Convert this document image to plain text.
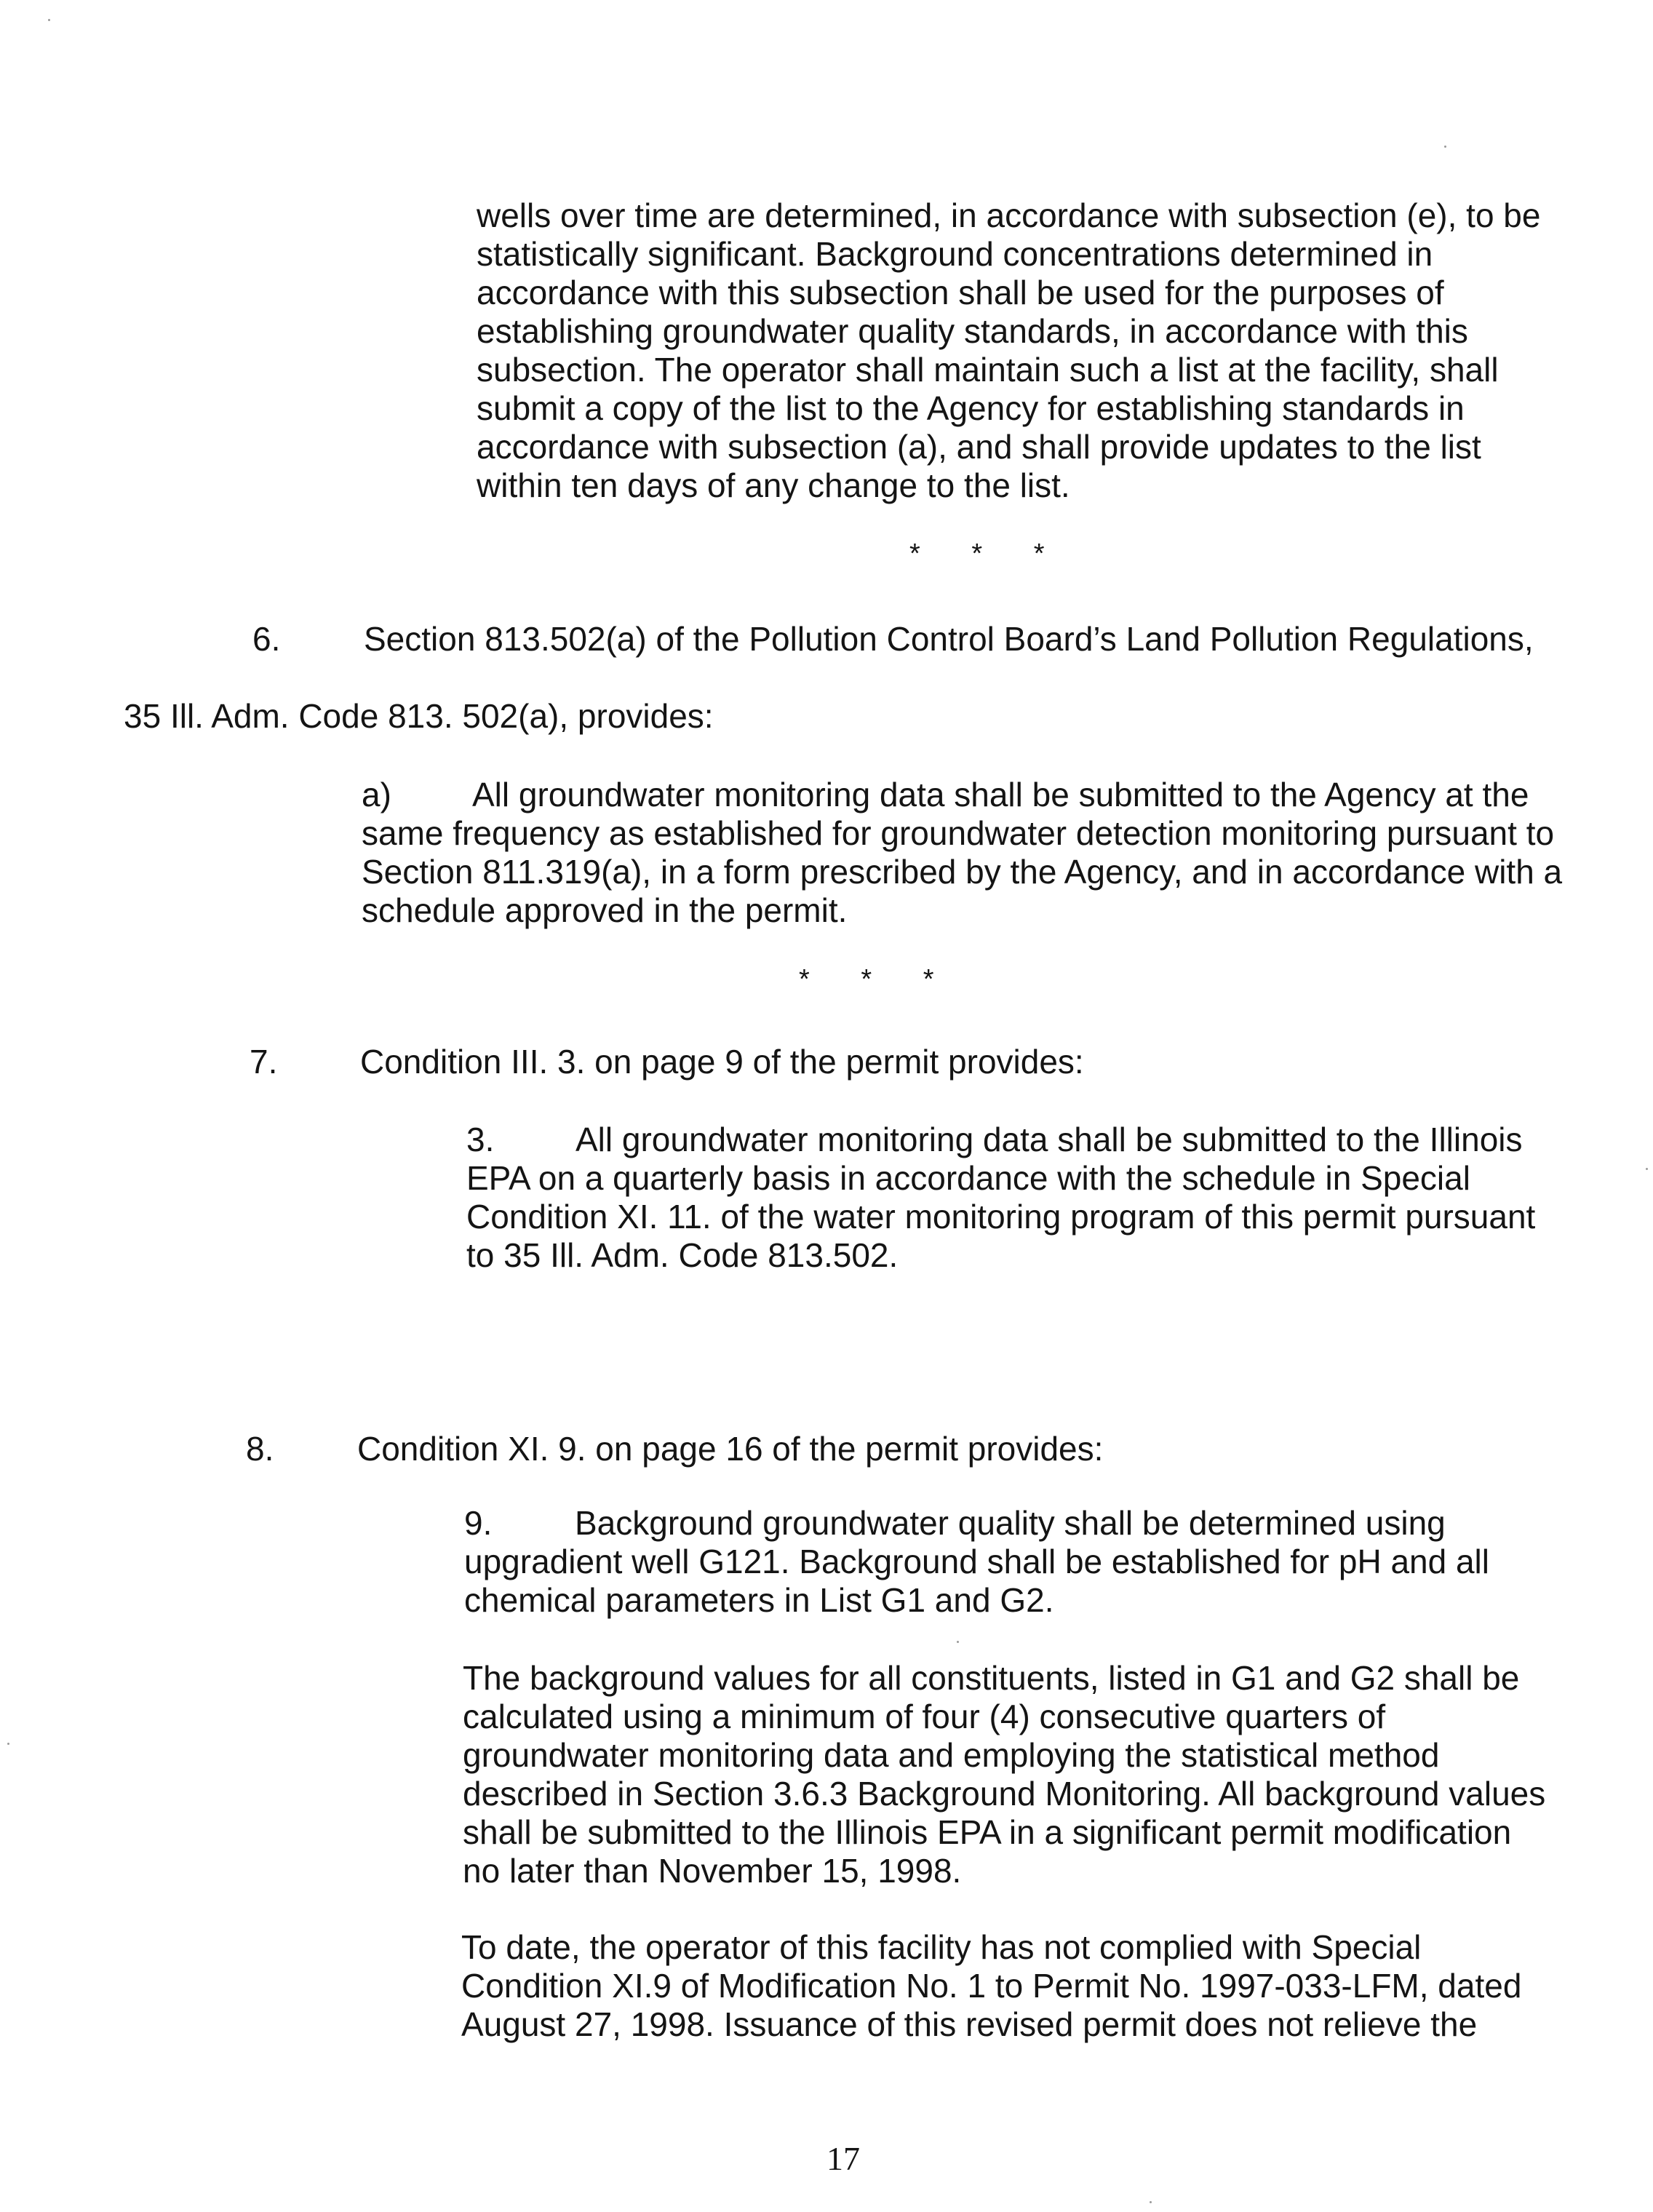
wells over time are determined, in accordance with subsection (e), to be statistically significant. Background concentrations determined in accordance with this subsection shall be used for the purposes of establishing groundwater quality standards, in accordance with this subsection. The operator shall maintain such a list at the facility, shall submit a copy of the list to the Agency for establishing standards in accordance with subsection (a), and shall provide updates to the list within ten days of any change to the list.

* * *
6. Section 813.502(a) of the Pollution Control Board’s Land Pollution Regulations,
35 Ill. Adm. Code 813. 502(a), provides:
a) All groundwater monitoring data shall be submitted to the Agency at the same frequency as established for groundwater detection monitoring pursuant to Section 811.319(a), in a form prescribed by the Agency, and in accordance with a schedule approved in the permit.
* * *
7. Condition III. 3. on page 9 of the permit provides:
3. All groundwater monitoring data shall be submitted to the Illinois EPA on a quarterly basis in accordance with the schedule in Special Condition XI. 11. of the water monitoring program of this permit pursuant to 35 Ill. Adm. Code 813.502.
8. Condition XI. 9. on page 16 of the permit provides:
9. Background groundwater quality shall be determined using upgradient well G121. Background shall be established for pH and all chemical parameters in List G1 and G2.

The background values for all constituents, listed in G1 and G2 shall be calculated using a minimum of four (4) consecutive quarters of groundwater monitoring data and employing the statistical method described in Section 3.6.3 Background Monitoring. All background values shall be submitted to the Illinois EPA in a significant permit modification no later than November 15, 1998.

To date, the operator of this facility has not complied with Special Condition XI.9 of Modification No. 1 to Permit No. 1997-033-LFM, dated August 27, 1998. Issuance of this revised permit does not relieve the

17
